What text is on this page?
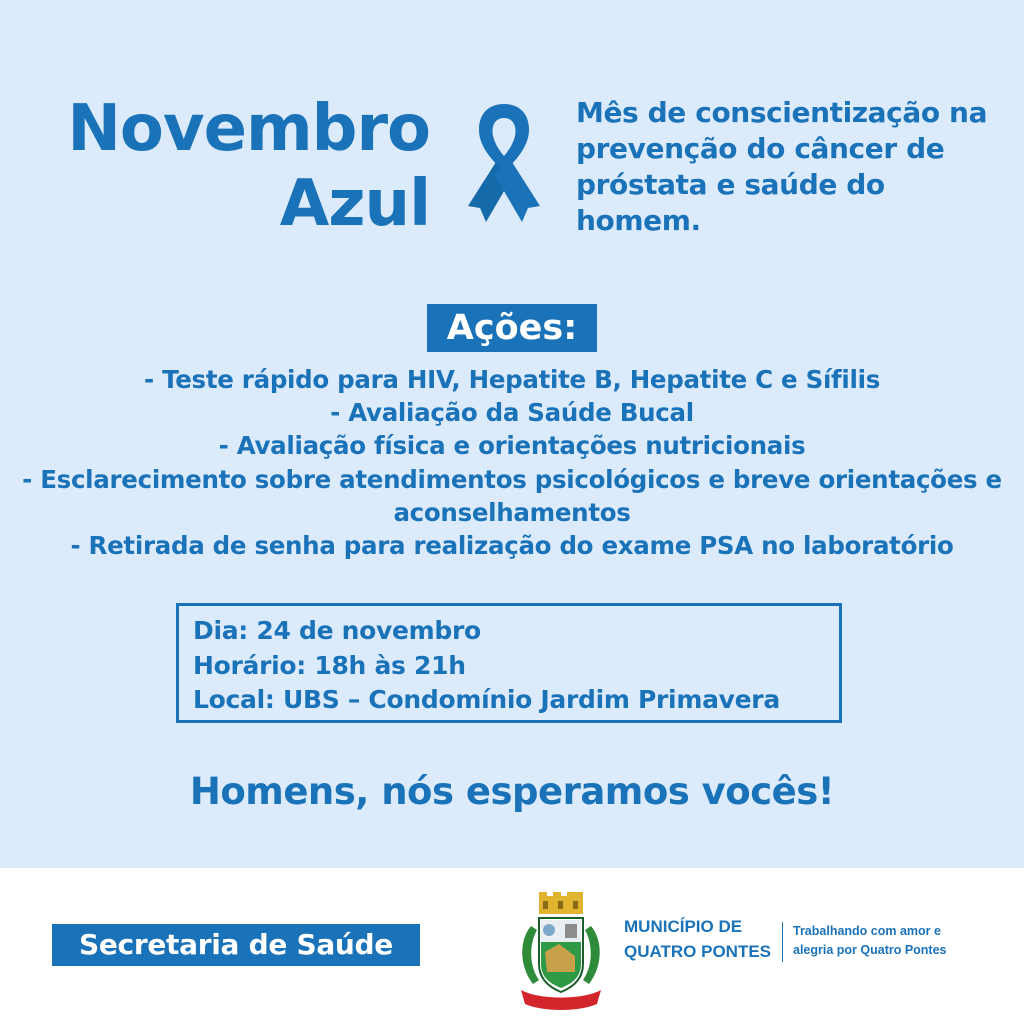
Novembro
Azul
Mês de conscientização na prevenção do câncer de próstata e saúde do homem.
Ações:
- Teste rápido para HIV, Hepatite B, Hepatite C e Sífilis
- Avaliação da Saúde Bucal
- Avaliação física e orientações nutricionais
- Esclarecimento sobre atendimentos psicológicos e breve orientações e aconselhamentos
- Retirada de senha para realização do exame PSA no laboratório
Dia: 24 de novembro
Horário: 18h às 21h
Local: UBS – Condomínio Jardim Primavera
Homens, nós esperamos vocês!
Secretaria de Saúde
MUNICÍPIO DE
QUATRO PONTES
Trabalhando com amor e
alegria por Quatro Pontes
